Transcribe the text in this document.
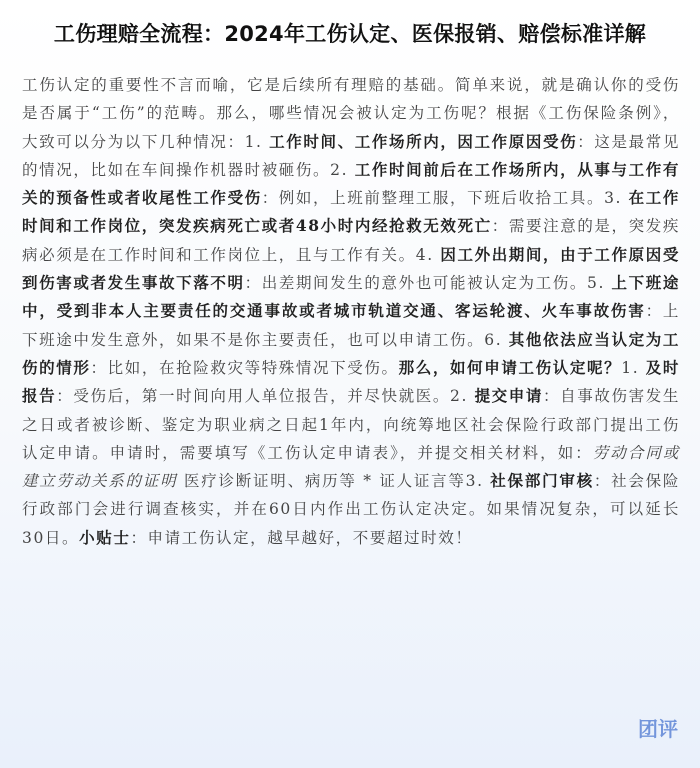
工伤理赔全流程：2024年工伤认定、医保报销、赔偿标准详解

工伤认定的重要性不言而喻，它是后续所有理赔的基础。简单来说，就是确认你的受伤是否属于“工伤”的范畴。那么，哪些情况会被认定为工伤呢？根据《工伤保险条例》，大致可以分为以下几种情况：1. 工作时间、工作场所内，因工作原因受伤：这是最常见的情况，比如在车间操作机器时被砸伤。2. 工作时间前后在工作场所内，从事与工作有关的预备性或者收尾性工作受伤：例如，上班前整理工服，下班后收拾工具。3. 在工作时间和工作岗位，突发疾病死亡或者48小时内经抢救无效死亡：需要注意的是，突发疾病必须是在工作时间和工作岗位上，且与工作有关。4. 因工外出期间，由于工作原因受到伤害或者发生事故下落不明：出差期间发生的意外也可能被认定为工伤。5. 上下班途中，受到非本人主要责任的交通事故或者城市轨道交通、客运轮渡、火车事故伤害：上下班途中发生意外，如果不是你主要责任，也可以申请工伤。6. 其他依法应当认定为工伤的情形：比如，在抢险救灾等特殊情况下受伤。那么，如何申请工伤认定呢？1. 及时报告：受伤后，第一时间向用人单位报告，并尽快就医。2. 提交申请：自事故伤害发生之日或者被诊断、鉴定为职业病之日起1年内，向统筹地区社会保险行政部门提出工伤认定申请。申请时，需要填写《工伤认定申请表》，并提交相关材料，如：劳动合同或建立劳动关系的证明 医疗诊断证明、病历等 * 证人证言等3. 社保部门审核：社会保险行政部门会进行调查核实，并在60日内作出工伤认定决定。如果情况复杂，可以延长30日。小贴士：申请工伤认定，越早越好，不要超过时效！

团评
